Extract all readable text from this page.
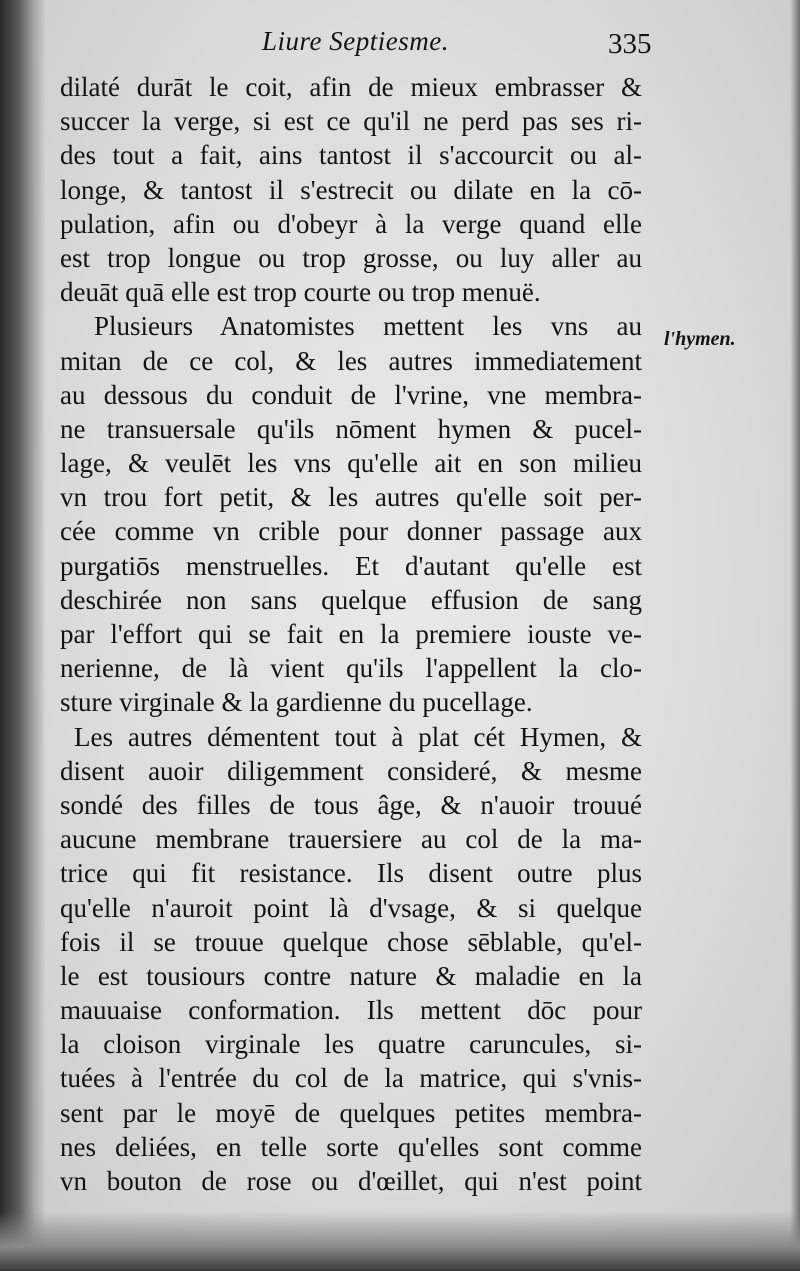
Liure Septiesme.	335
l'hymen.
dilaté durāt le coit, afin de mieux embrasser &
succer la verge, si est ce qu'il ne perd pas ses ri-
des tout a fait, ains tantost il s'accourcit ou al-
longe, & tantost il s'estrecit ou dilate en la cō-
pulation, afin ou d'obeyr à la verge quand elle
est trop longue ou trop grosse, ou luy aller au
deuāt quā elle est trop courte ou trop menuë.
Plusieurs Anatomistes mettent les vns au
mitan de ce col, & les autres immediatement
au dessous du conduit de l'vrine, vne membra-
ne transuersale qu'ils nōment hymen & pucel-
lage, & veulēt les vns qu'elle ait en son milieu
vn trou fort petit, & les autres qu'elle soit per-
cée comme vn crible pour donner passage aux
purgatiōs menstruelles. Et d'autant qu'elle est
deschirée non sans quelque effusion de sang
par l'effort qui se fait en la premiere iouste ve-
nerienne, de là vient qu'ils l'appellent la clo-
sture virginale & la gardienne du pucellage.
Les autres démentent tout à plat cét Hymen, &
disent auoir diligemment consideré, & mesme
sondé des filles de tous âge, & n'auoir trouué
aucune membrane trauersiere au col de la ma-
trice qui fit resistance. Ils disent outre plus
qu'elle n'auroit point là d'vsage, & si quelque
fois il se trouue quelque chose sēblable, qu'el-
le est tousiours contre nature & maladie en la
mauuaise conformation. Ils mettent dōc pour
la cloison virginale les quatre caruncules, si-
tuées à l'entrée du col de la matrice, qui s'vnis-
sent par le moyē de quelques petites membra-
nes deliées, en telle sorte qu'elles sont comme
vn bouton de rose ou d'œillet, qui n'est point
